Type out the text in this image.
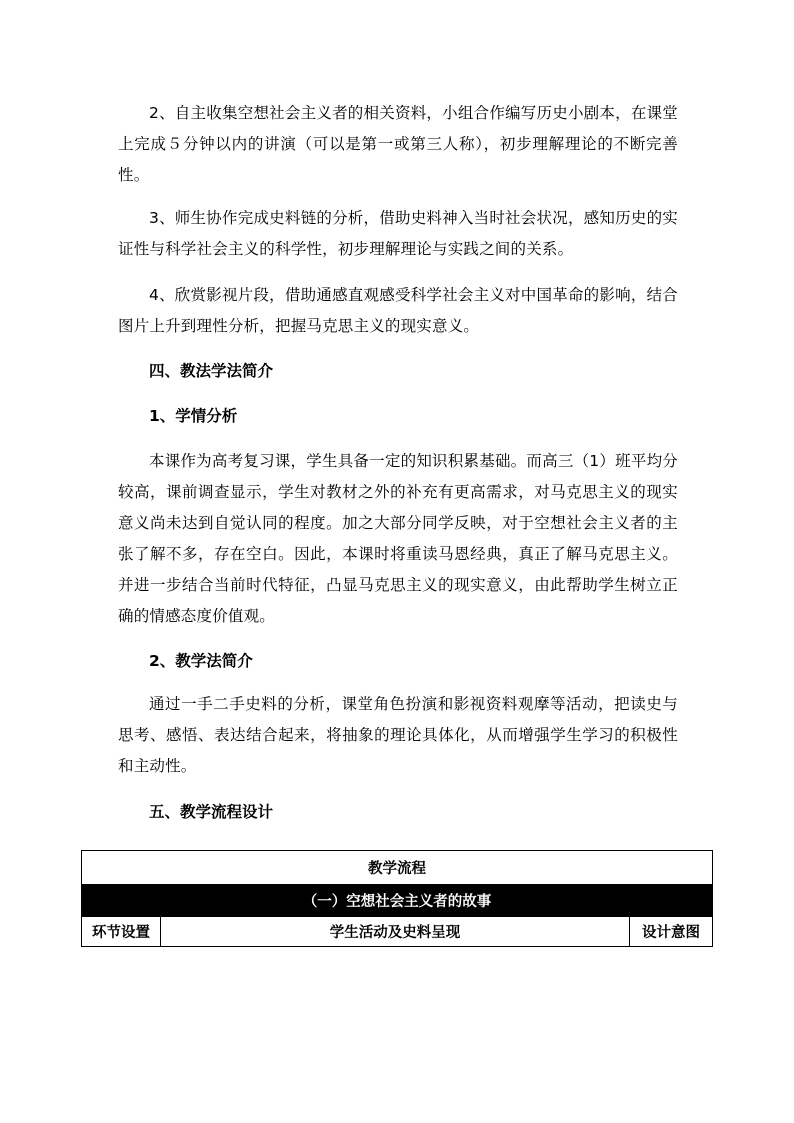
2、自主收集空想社会主义者的相关资料，小组合作编写历史小剧本，在课堂上完成５分钟以内的讲演（可以是第一或第三人称），初步理解理论的不断完善性。

3、师生协作完成史料链的分析，借助史料神入当时社会状况，感知历史的实证性与科学社会主义的科学性，初步理解理论与实践之间的关系。

4、欣赏影视片段，借助通感直观感受科学社会主义对中国革命的影响，结合图片上升到理性分析，把握马克思主义的现实意义。

四、教法学法简介
1、学情分析

本课作为高考复习课，学生具备一定的知识积累基础。而高三（1）班平均分较高，课前调查显示，学生对教材之外的补充有更高需求，对马克思主义的现实意义尚未达到自觉认同的程度。加之大部分同学反映，对于空想社会主义者的主张了解不多，存在空白。因此，本课时将重读马恩经典，真正了解马克思主义。并进一步结合当前时代特征，凸显马克思主义的现实意义，由此帮助学生树立正确的情感态度价值观。

2、教学法简介

通过一手二手史料的分析，课堂角色扮演和影视资料观摩等活动，把读史与思考、感悟、表达结合起来，将抽象的理论具体化，从而增强学生学习的积极性和主动性。

五、教学流程设计
教学流程
（一）空想社会主义者的故事
环节设置	学生活动及史料呈现	设计意图
